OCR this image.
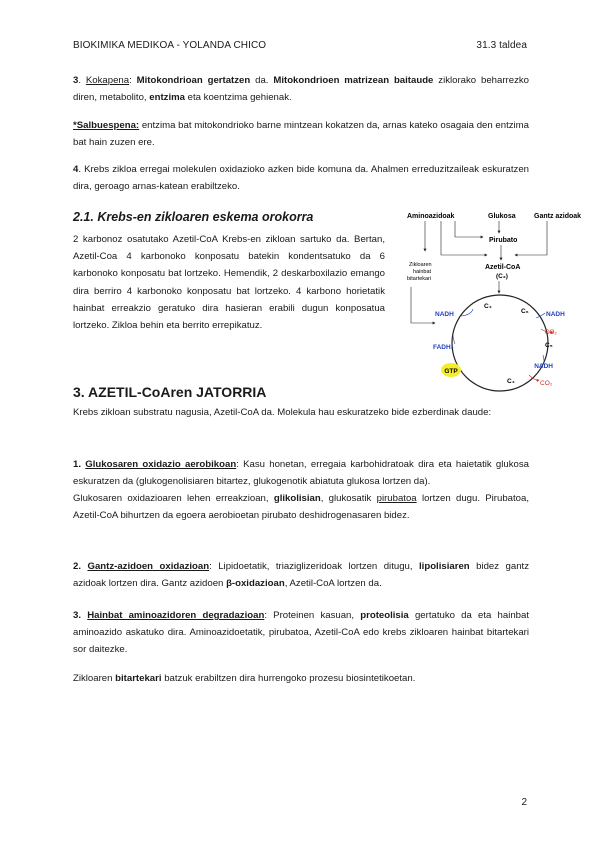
BIOKIMIKA MEDIKOA - YOLANDA CHICO	31.3 taldea
3. Kokapena: Mitokondrioan gertatzen da. Mitokondrioen matrizean baitaude ziklorako beharrezko diren, metabolito, entzima eta koentzima gehienak.
*Salbuespena: entzima bat mitokondrioko barne mintzean kokatzen da, arnas kateko osagaia den entzima bat hain zuzen ere.
4. Krebs zikloa erregai molekulen oxidazioko azken bide komuna da. Ahalmen erreduzitzaileak eskuratzen dira, geroago arnas-katean erabiltzeko.
2.1. Krebs-en zikloaren eskema orokorra
2 karbonoz osatutako Azetil-CoA Krebs-en zikloan sartuko da. Bertan, Azetil-Coa 4 karbonoko konposatu batekin kondentsatuko da 6 karbonoko konposatu bat lortzeko. Hemendik, 2 deskarboxilazio emango dira berriro 4 karbonoko konposatu bat lortzeko. 4 karbono horietatik hainbat erreakzio geratuko dira hasieran erabili dugun konposatua lortzeko. Zikloa behin eta berrito errepikatuz.
Aminoazidoak	Glukosa	Gantz azidoak
Pirubato
Azetil-CoA
(C₂)
Zikloaren
hainbat
bitartekari
C₄
C₆
C₅
C₄
NADH	NADH
CO₂
NADH
CO₂
FADH₂
GTP
3. AZETIL-CoAren JATORRIA
Krebs zikloan substratu nagusia, Azetil-CoA da. Molekula hau eskuratzeko bide ezberdinak daude:
1. Glukosaren oxidazio aerobikoan: Kasu honetan, erregaia karbohidratoak dira eta haietatik glukosa eskuratzen da (glukogenolisiaren bitartez, glukogenotik abiatuta glukosa lortzen da).
Glukosaren oxidazioaren lehen erreakzioan, glikolisian, glukosatik pirubatoa lortzen dugu. Pirubatoa, Azetil-CoA bihurtzen da egoera aerobioetan pirubato deshidrogenasaren bidez.
2. Gantz-azidoen oxidazioan: Lipidoetatik, triaziglizeridoak lortzen ditugu, lipolisiaren bidez gantz azidoak lortzen dira. Gantz azidoen β-oxidazioan, Azetil-CoA lortzen da.
3. Hainbat aminoazidoren degradazioan: Proteinen kasuan, proteolisia gertatuko da eta hainbat aminoazido askatuko dira. Aminoazidoetatik, pirubatoa, Azetil-CoA edo krebs zikloaren hainbat bitartekari sor daitezke.
Zikloaren bitartekari batzuk erabiltzen dira hurrengoko prozesu biosintetikoetan.
2
